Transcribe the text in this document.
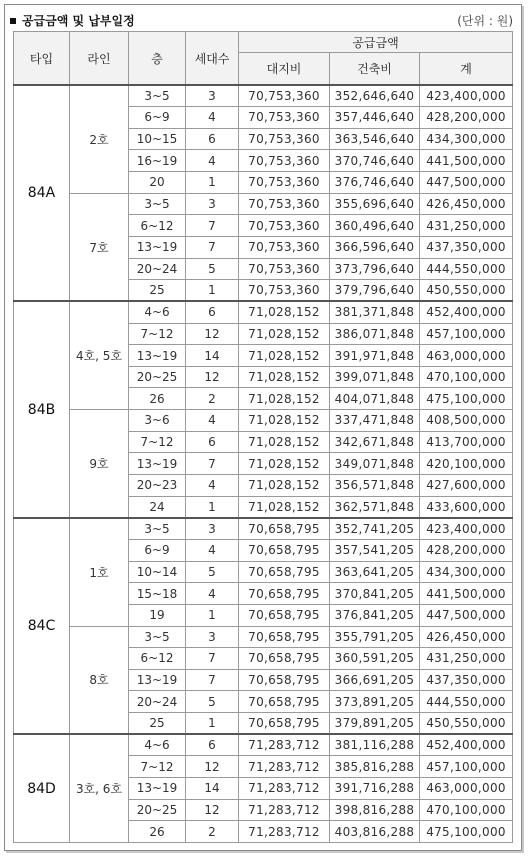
공급금액 및 납부일정	(단위 : 원)
타입	라인	층	세대수	공급금액		
				대지비	건축비	계
84A	2호	3~5	3	70,753,360	352,646,640	423,400,000
		6~9	4	70,753,360	357,446,640	428,200,000
		10~15	6	70,753,360	363,546,640	434,300,000
		16~19	4	70,753,360	370,746,640	441,500,000
		20	1	70,753,360	376,746,640	447,500,000
	7호	3~5	3	70,753,360	355,696,640	426,450,000
		6~12	7	70,753,360	360,496,640	431,250,000
		13~19	7	70,753,360	366,596,640	437,350,000
		20~24	5	70,753,360	373,796,640	444,550,000
		25	1	70,753,360	379,796,640	450,550,000
84B	4호, 5호	4~6	6	71,028,152	381,371,848	452,400,000
		7~12	12	71,028,152	386,071,848	457,100,000
		13~19	14	71,028,152	391,971,848	463,000,000
		20~25	12	71,028,152	399,071,848	470,100,000
		26	2	71,028,152	404,071,848	475,100,000
	9호	3~6	4	71,028,152	337,471,848	408,500,000
		7~12	6	71,028,152	342,671,848	413,700,000
		13~19	7	71,028,152	349,071,848	420,100,000
		20~23	4	71,028,152	356,571,848	427,600,000
		24	1	71,028,152	362,571,848	433,600,000
84C	1호	3~5	3	70,658,795	352,741,205	423,400,000
		6~9	4	70,658,795	357,541,205	428,200,000
		10~14	5	70,658,795	363,641,205	434,300,000
		15~18	4	70,658,795	370,841,205	441,500,000
		19	1	70,658,795	376,841,205	447,500,000
	8호	3~5	3	70,658,795	355,791,205	426,450,000
		6~12	7	70,658,795	360,591,205	431,250,000
		13~19	7	70,658,795	366,691,205	437,350,000
		20~24	5	70,658,795	373,891,205	444,550,000
		25	1	70,658,795	379,891,205	450,550,000
84D	3호, 6호	4~6	6	71,283,712	381,116,288	452,400,000
		7~12	12	71,283,712	385,816,288	457,100,000
		13~19	14	71,283,712	391,716,288	463,000,000
		20~25	12	71,283,712	398,816,288	470,100,000
		26	2	71,283,712	403,816,288	475,100,000
